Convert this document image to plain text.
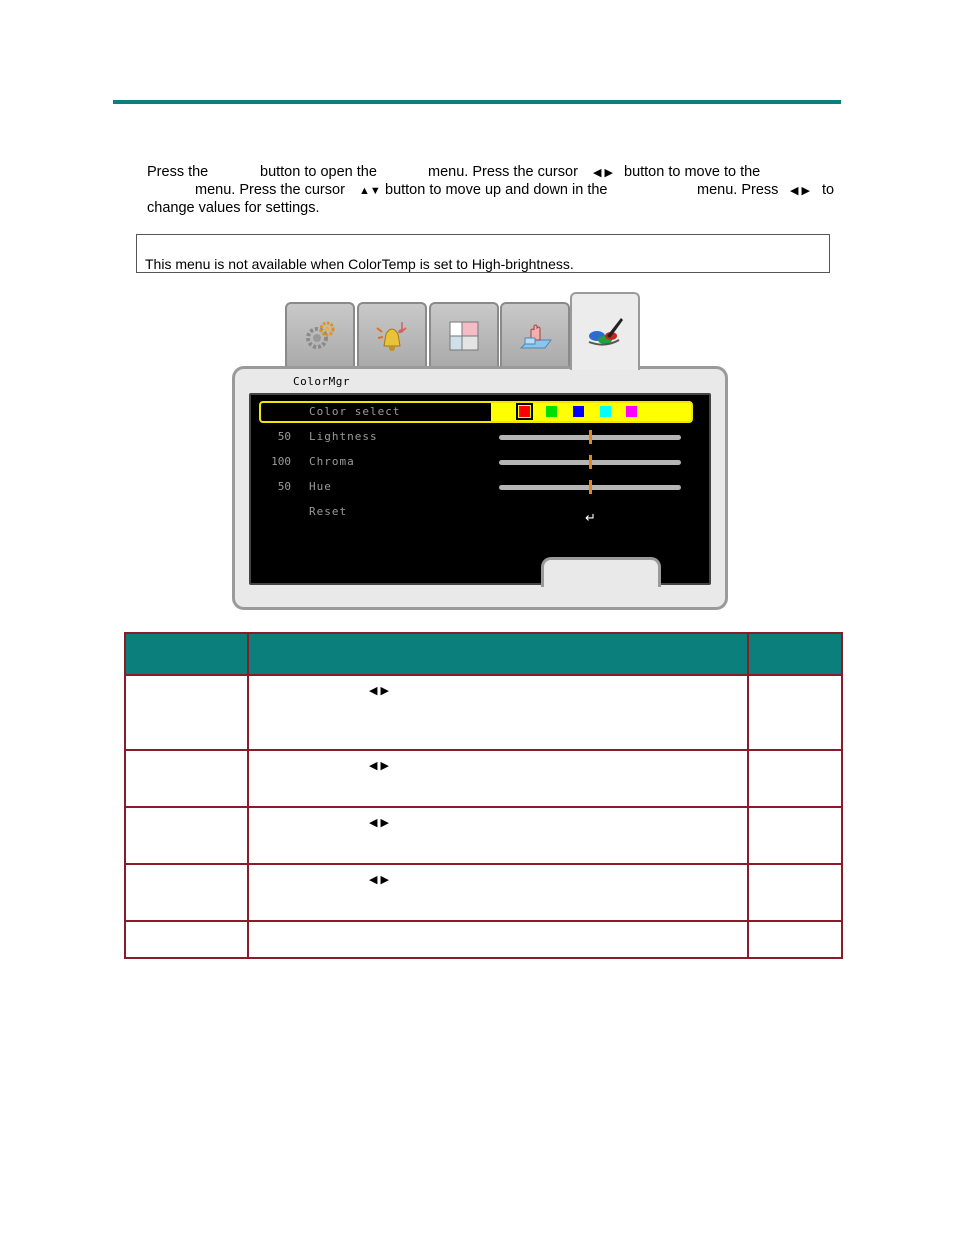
Press the	button to open the	menu. Press the cursor ◀ ▶ button to move to the
menu. Press the cursor ▲▼ button to move up and down in the	menu. Press ◀ ▶ to
change values for settings.
This menu is not available when ColorTemp is set to High-brightness.
ColorMgr
Color select
50 Lightness
100 Chroma
50 Hue
Reset	↵

	◀ ▶	

	◀ ▶	

	◀ ▶	

	◀ ▶	
